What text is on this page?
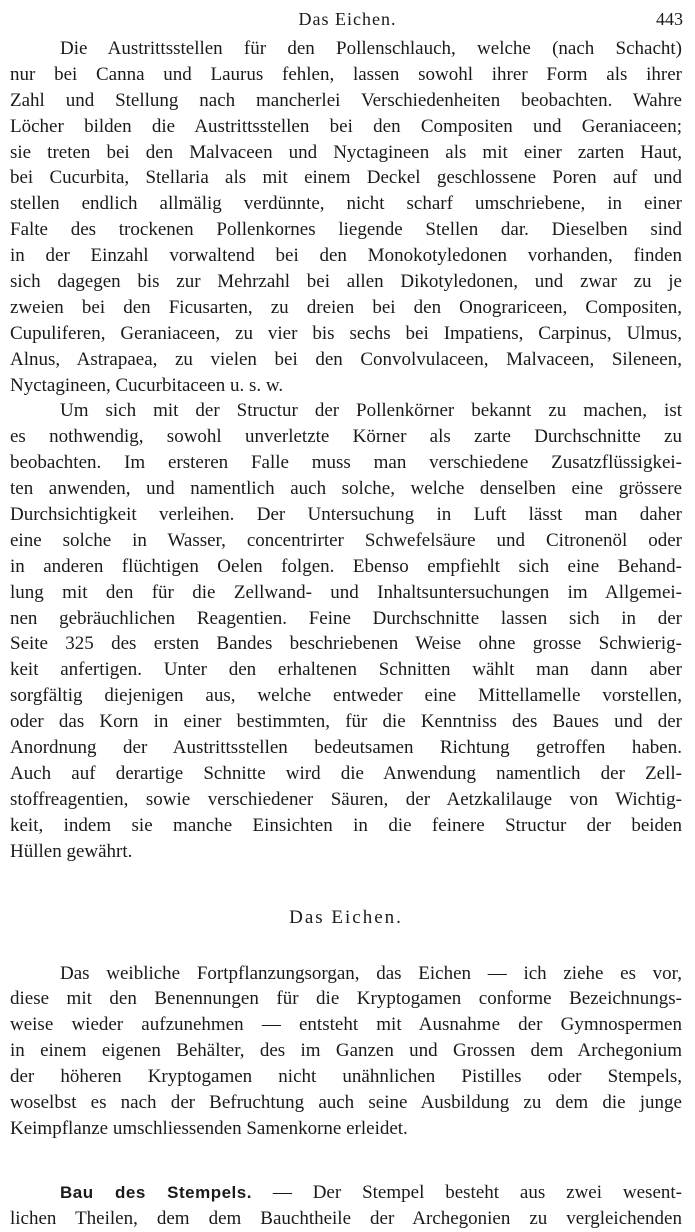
Das Eichen.	443
Die Austrittsstellen für den Pollenschlauch, welche (nach Schacht)
nur bei Canna und Laurus fehlen, lassen sowohl ihrer Form als ihrer
Zahl und Stellung nach mancherlei Verschiedenheiten beobachten. Wahre
Löcher bilden die Austrittsstellen bei den Compositen und Geraniaceen;
sie treten bei den Malvaceen und Nyctagineen als mit einer zarten Haut,
bei Cucurbita, Stellaria als mit einem Deckel geschlossene Poren auf und
stellen endlich allmälig verdünnte, nicht scharf umschriebene, in einer
Falte des trockenen Pollenkornes liegende Stellen dar. Dieselben sind
in der Einzahl vorwaltend bei den Monokotyledonen vorhanden, finden
sich dagegen bis zur Mehrzahl bei allen Dikotyledonen, und zwar zu je
zweien bei den Ficusarten, zu dreien bei den Onograriceen, Compositen,
Cupuliferen, Geraniaceen, zu vier bis sechs bei Impatiens, Carpinus, Ulmus,
Alnus, Astrapaea, zu vielen bei den Convolvulaceen, Malvaceen, Sileneen,
Nyctagineen, Cucurbitaceen u. s. w.
Um sich mit der Structur der Pollenkörner bekannt zu machen, ist
es nothwendig, sowohl unverletzte Körner als zarte Durchschnitte zu
beobachten. Im ersteren Falle muss man verschiedene Zusatzflüssigkei-
ten anwenden, und namentlich auch solche, welche denselben eine grössere
Durchsichtigkeit verleihen. Der Untersuchung in Luft lässt man daher
eine solche in Wasser, concentrirter Schwefelsäure und Citronenöl oder
in anderen flüchtigen Oelen folgen. Ebenso empfiehlt sich eine Behand-
lung mit den für die Zellwand- und Inhaltsuntersuchungen im Allgemei-
nen gebräuchlichen Reagentien. Feine Durchschnitte lassen sich in der
Seite 325 des ersten Bandes beschriebenen Weise ohne grosse Schwierig-
keit anfertigen. Unter den erhaltenen Schnitten wählt man dann aber
sorgfältig diejenigen aus, welche entweder eine Mittellamelle vorstellen,
oder das Korn in einer bestimmten, für die Kenntniss des Baues und der
Anordnung der Austrittsstellen bedeutsamen Richtung getroffen haben.
Auch auf derartige Schnitte wird die Anwendung namentlich der Zell-
stoffreagentien, sowie verschiedener Säuren, der Aetzkalilauge von Wichtig-
keit, indem sie manche Einsichten in die feinere Structur der beiden
Hüllen gewährt.
Das Eichen.
Das weibliche Fortpflanzungsorgan, das Eichen — ich ziehe es vor,
diese mit den Benennungen für die Kryptogamen conforme Bezeichnungs-
weise wieder aufzunehmen — entsteht mit Ausnahme der Gymnospermen
in einem eigenen Behälter, des im Ganzen und Grossen dem Archegonium
der höheren Kryptogamen nicht unähnlichen Pistilles oder Stempels,
woselbst es nach der Befruchtung auch seine Ausbildung zu dem die junge
Keimpflanze umschliessenden Samenkorne erleidet.
Bau des Stempels. — Der Stempel besteht aus zwei wesent-
lichen Theilen, dem dem Bauchtheile der Archegonien zu vergleichenden
